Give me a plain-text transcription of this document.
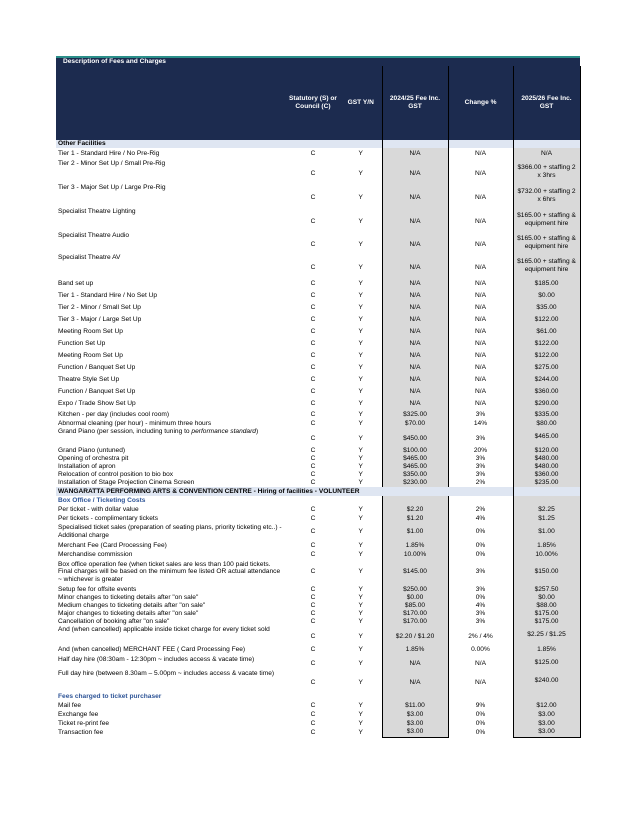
Description of Fees and Charges					
	Statutory (S) or Council (C)	GST Y/N	2024/25 Fee Inc. GST	Change %	2025/26 Fee Inc. GST
Other Facilities					
Tier 1 - Standard Hire / No Pre-Rig	C	Y	N/A	N/A	N/A
Tier 2 - Minor Set Up / Small Pre-Rig	C	Y	N/A	N/A	$366.00 + staffing 2 x 3hrs
Tier 3 - Major Set Up / Large Pre-Rig	C	Y	N/A	N/A	$732.00 + staffing 2 x 6hrs
Specialist Theatre Lighting	C	Y	N/A	N/A	$165.00 + staffing & equipment hire
Specialist Theatre Audio	C	Y	N/A	N/A	$165.00 + staffing & equipment hire
Specialist Theatre AV	C	Y	N/A	N/A	$165.00 + staffing & equipment hire
Band set up	C	Y	N/A	N/A	$185.00
Tier 1 - Standard Hire / No Set Up	C	Y	N/A	N/A	$0.00
Tier 2 - Minor / Small Set Up	C	Y	N/A	N/A	$35.00
Tier 3 - Major / Large Set Up	C	Y	N/A	N/A	$122.00
Meeting Room Set Up	C	Y	N/A	N/A	$61.00
Function Set Up	C	Y	N/A	N/A	$122.00
Meeting Room Set Up	C	Y	N/A	N/A	$122.00
Function / Banquet Set Up	C	Y	N/A	N/A	$275.00
Theatre Style Set Up	C	Y	N/A	N/A	$244.00
Function / Banquet Set Up	C	Y	N/A	N/A	$360.00
Expo / Trade Show Set Up	C	Y	N/A	N/A	$290.00
Kitchen - per day (includes cool room)	C	Y	$325.00	3%	$335.00
Abnormal cleaning (per hour) - minimum three hours	C	Y	$70.00	14%	$80.00
Grand Piano (per session, including tuning to performance standard)	C	Y	$450.00	3%	$465.00
Grand Piano (untuned)	C	Y	$100.00	20%	$120.00
Opening of orchestra pit	C	Y	$465.00	3%	$480.00
Installation of apron	C	Y	$465.00	3%	$480.00
Relocation of control position to bio box	C	Y	$350.00	3%	$360.00
Installation of Stage Projection Cinema Screen	C	Y	$230.00	2%	$235.00
WANGARATTA PERFORMING ARTS & CONVENTION CENTRE - Hiring of facilities - VOLUNTEER					
Box Office / Ticketing Costs					
Per ticket - with dollar value	C	Y	$2.20	2%	$2.25
Per tickets - complimentary tickets	C	Y	$1.20	4%	$1.25
Specialised ticket sales (preparation of seating plans, priority ticketing etc..) - Additional charge	C	Y	$1.00	0%	$1.00
Merchant Fee (Card Processing Fee)	C	Y	1.85%	0%	1.85%
Merchandise commission	C	Y	10.00%	0%	10.00%
Box office operation fee (when ticket sales are less than 100 paid tickets. Final charges will be based on the minimum fee listed OR actual attendance ~ whichever is greater	C	Y	$145.00	3%	$150.00
Setup fee for offsite events	C	Y	$250.00	3%	$257.50
Minor changes to ticketing details after "on sale"	C	Y	$0.00	0%	$0.00
Medium changes to ticketing details after "on sale"	C	Y	$85.00	4%	$88.00
Major changes to ticketing details after "on sale"	C	Y	$170.00	3%	$175.00
Cancellation of booking after "on sale"	C	Y	$170.00	3%	$175.00
And (when cancelled) applicable inside ticket charge for every ticket sold	C	Y	$2.20 / $1.20	2% / 4%	$2.25 / $1.25
And (when cancelled) MERCHANT FEE ( Card Processing Fee)	C	Y	1.85%	0.00%	1.85%
Half day hire (08:30am - 12:30pm ~ includes access & vacate time)	C	Y	N/A	N/A	$125.00
Full day hire (between 8.30am – 5.00pm ~ includes access & vacate time)	C	Y	N/A	N/A	$240.00
Fees charged to ticket purchaser					
Mail fee	C	Y	$11.00	9%	$12.00
Exchange fee	C	Y	$3.00	0%	$3.00
Ticket re-print fee	C	Y	$3.00	0%	$3.00
Transaction fee	C	Y	$3.00	0%	$3.00
